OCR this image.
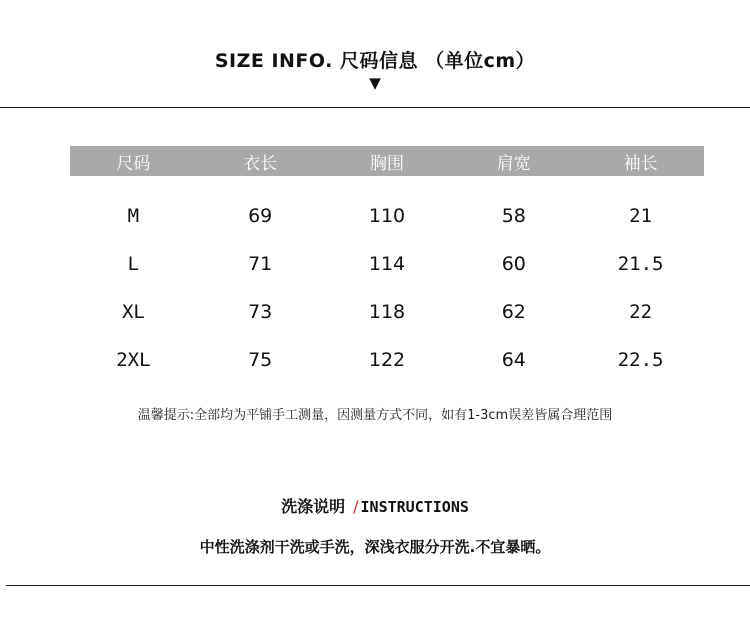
SIZE INFO. 尺码信息 （单位cm）
▼
尺码	衣长	胸围	肩宽	袖长
M	69	110	58	21
L	71	114	60	21.5
XL	73	118	62	22
2XL	75	122	64	22.5
温馨提示:全部均为平铺手工测量，因测量方式不同，如有1-3cm误差皆属合理范围
洗涤说明 / INSTRUCTIONS
中性洗涤剂干洗或手洗，深浅衣服分开洗.不宜暴晒。
